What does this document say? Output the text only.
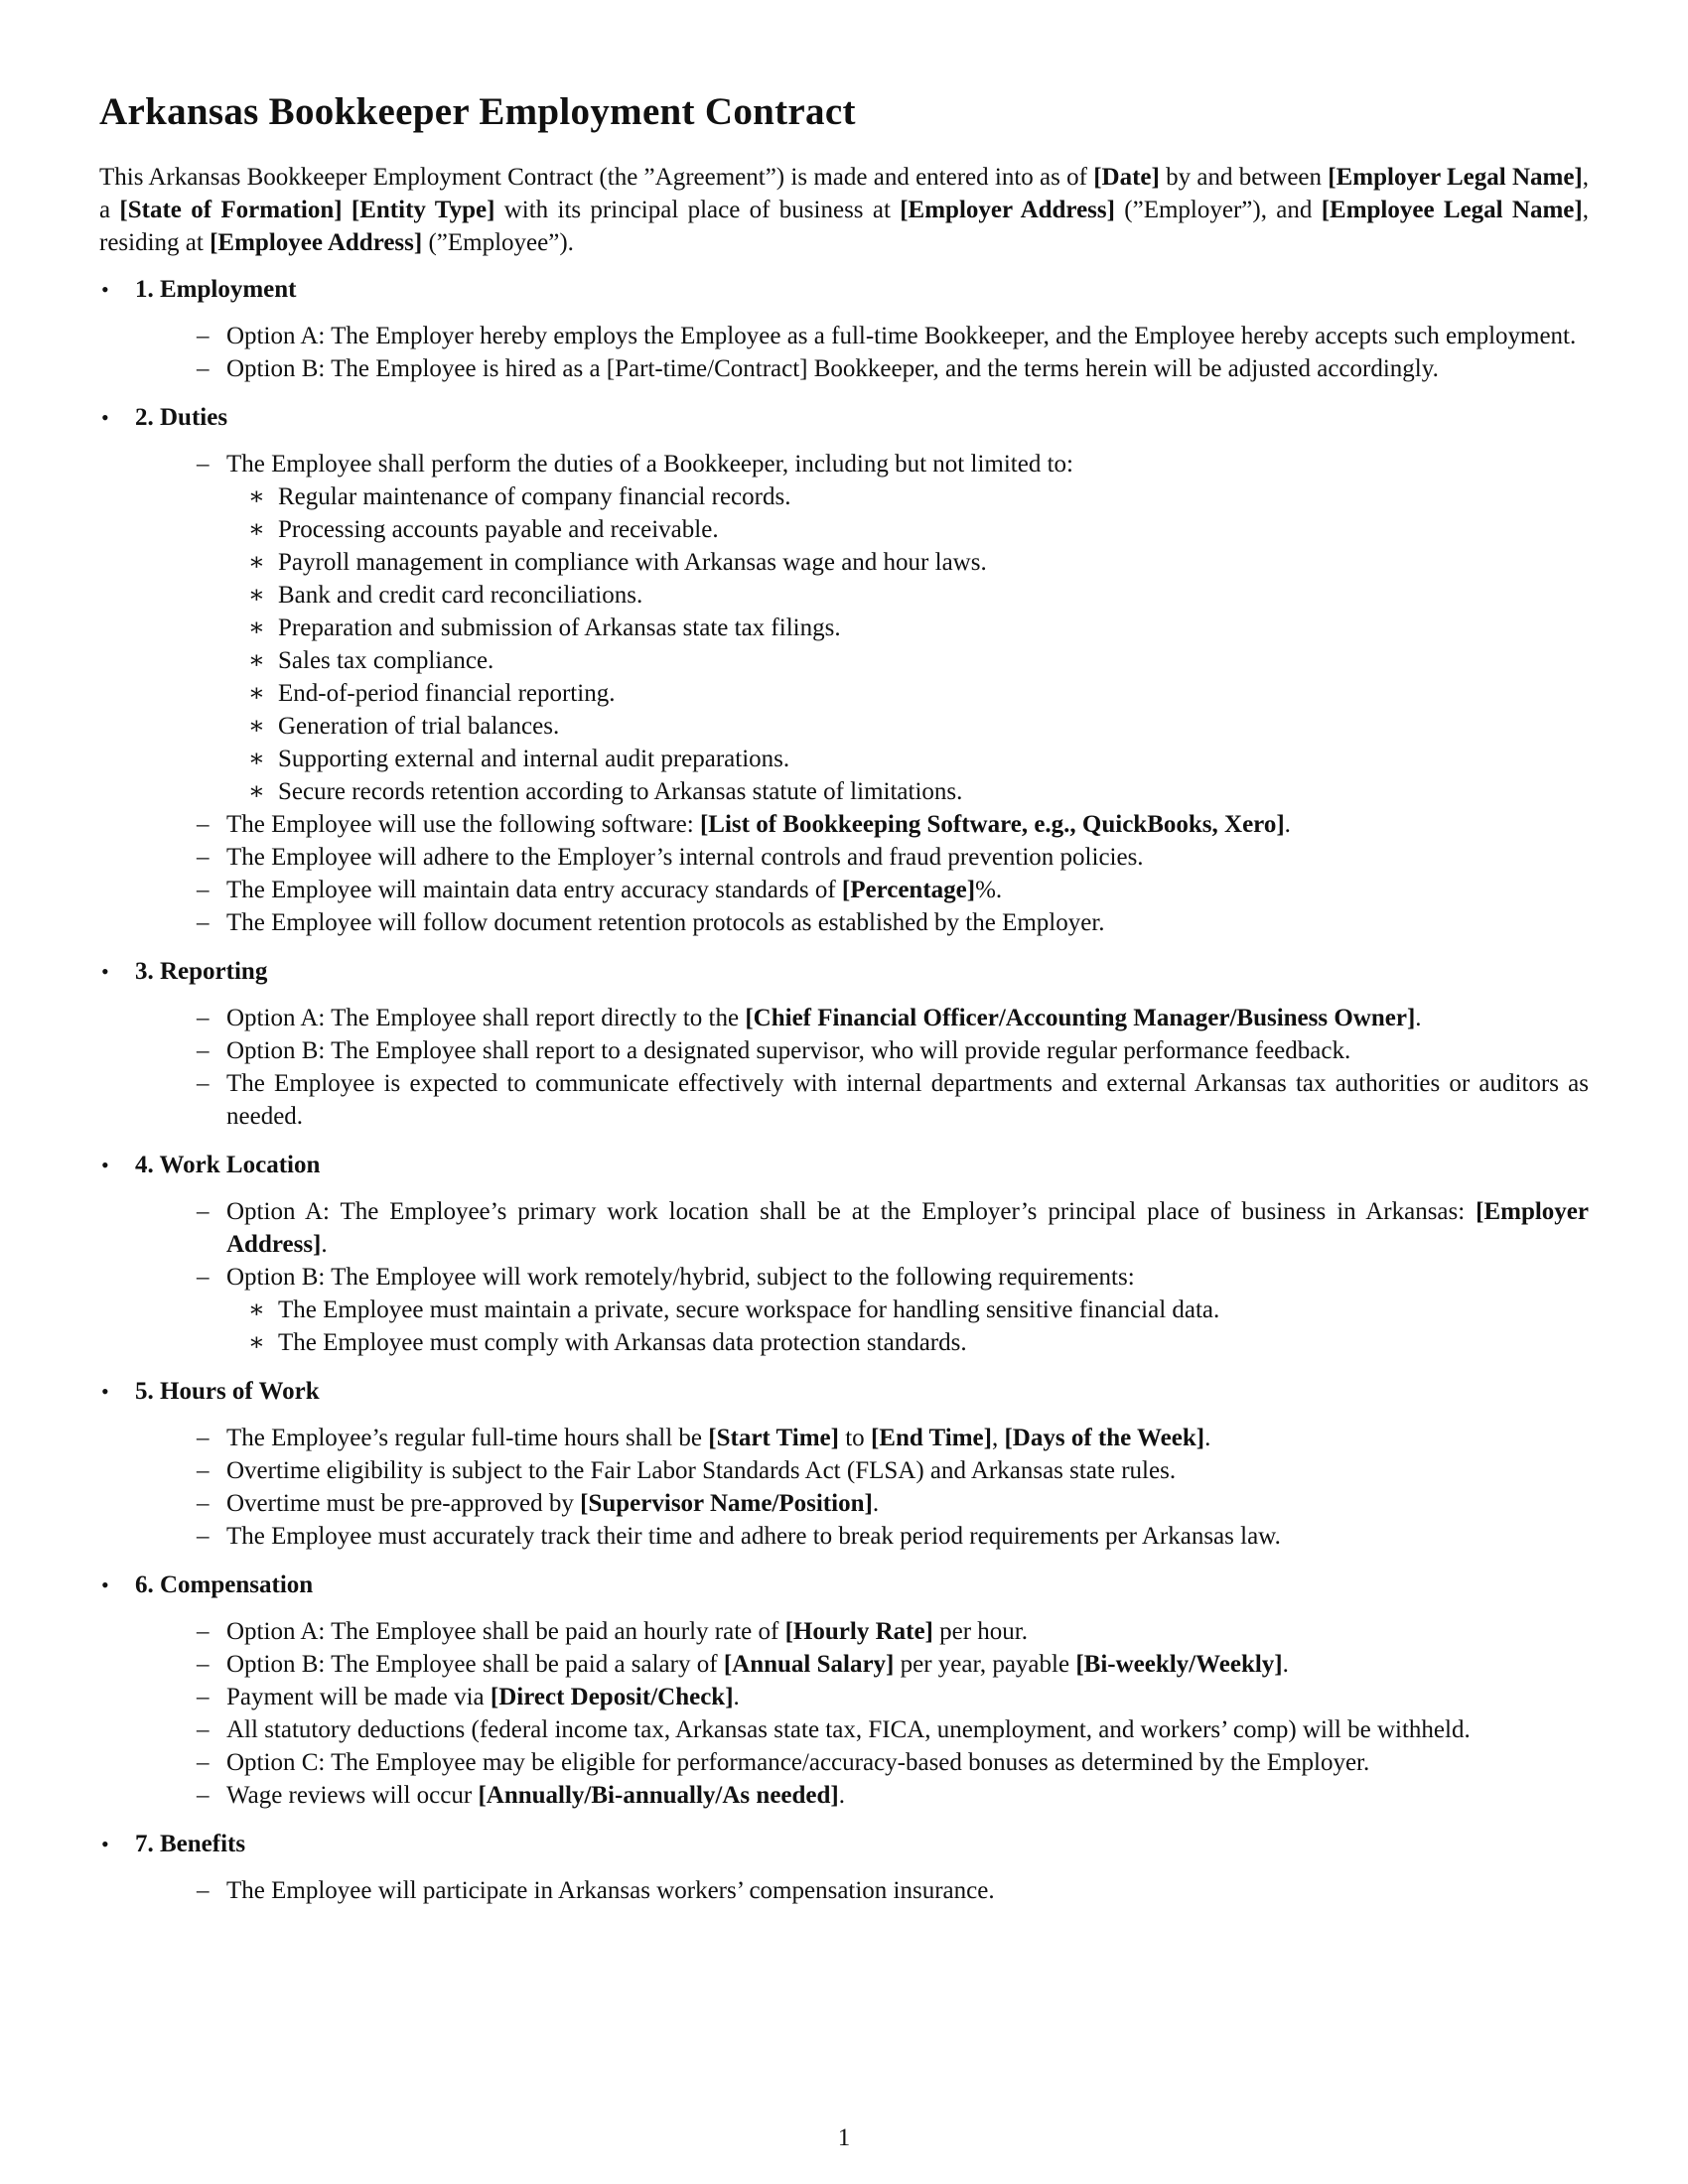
Arkansas Bookkeeper Employment Contract

This Arkansas Bookkeeper Employment Contract (the ”Agreement”) is made and entered into as of [Date] by and between [Employer Legal Name], a [State of Formation] [Entity Type] with its principal place of business at [Employer Address] (”Employer”), and [Employee Legal Name], residing at [Employee Address] (”Employee”).

•	1. Employment
– Option A: The Employer hereby employs the Employee as a full-time Bookkeeper, and the Employee hereby accepts such employment.
– Option B: The Employee is hired as a [Part-time/Contract] Bookkeeper, and the terms herein will be adjusted accordingly.
•	2. Duties
– The Employee shall perform the duties of a Bookkeeper, including but not limited to:
∗ Regular maintenance of company financial records.
∗ Processing accounts payable and receivable.
∗ Payroll management in compliance with Arkansas wage and hour laws.
∗ Bank and credit card reconciliations.
∗ Preparation and submission of Arkansas state tax filings.
∗ Sales tax compliance.
∗ End-of-period financial reporting.
∗ Generation of trial balances.
∗ Supporting external and internal audit preparations.
∗ Secure records retention according to Arkansas statute of limitations.
– The Employee will use the following software: [List of Bookkeeping Software, e.g., QuickBooks, Xero].
– The Employee will adhere to the Employer’s internal controls and fraud prevention policies.
– The Employee will maintain data entry accuracy standards of [Percentage]%.
– The Employee will follow document retention protocols as established by the Employer.
•	3. Reporting
– Option A: The Employee shall report directly to the [Chief Financial Officer/Accounting Manager/Business Owner].
– Option B: The Employee shall report to a designated supervisor, who will provide regular performance feedback.
– The Employee is expected to communicate effectively with internal departments and external Arkansas tax authorities or auditors as needed.
•	4. Work Location
– Option A: The Employee’s primary work location shall be at the Employer’s principal place of business in Arkansas: [Employer Address].
– Option B: The Employee will work remotely/hybrid, subject to the following requirements:
∗ The Employee must maintain a private, secure workspace for handling sensitive financial data.
∗ The Employee must comply with Arkansas data protection standards.
•	5. Hours of Work
– The Employee’s regular full-time hours shall be [Start Time] to [End Time], [Days of the Week].
– Overtime eligibility is subject to the Fair Labor Standards Act (FLSA) and Arkansas state rules.
– Overtime must be pre-approved by [Supervisor Name/Position].
– The Employee must accurately track their time and adhere to break period requirements per Arkansas law.
•	6. Compensation
– Option A: The Employee shall be paid an hourly rate of [Hourly Rate] per hour.
– Option B: The Employee shall be paid a salary of [Annual Salary] per year, payable [Bi-weekly/Weekly].
– Payment will be made via [Direct Deposit/Check].
– All statutory deductions (federal income tax, Arkansas state tax, FICA, unemployment, and workers’ comp) will be withheld.
– Option C: The Employee may be eligible for performance/accuracy-based bonuses as determined by the Employer.
– Wage reviews will occur [Annually/Bi-annually/As needed].
•	7. Benefits
– The Employee will participate in Arkansas workers’ compensation insurance.
1
